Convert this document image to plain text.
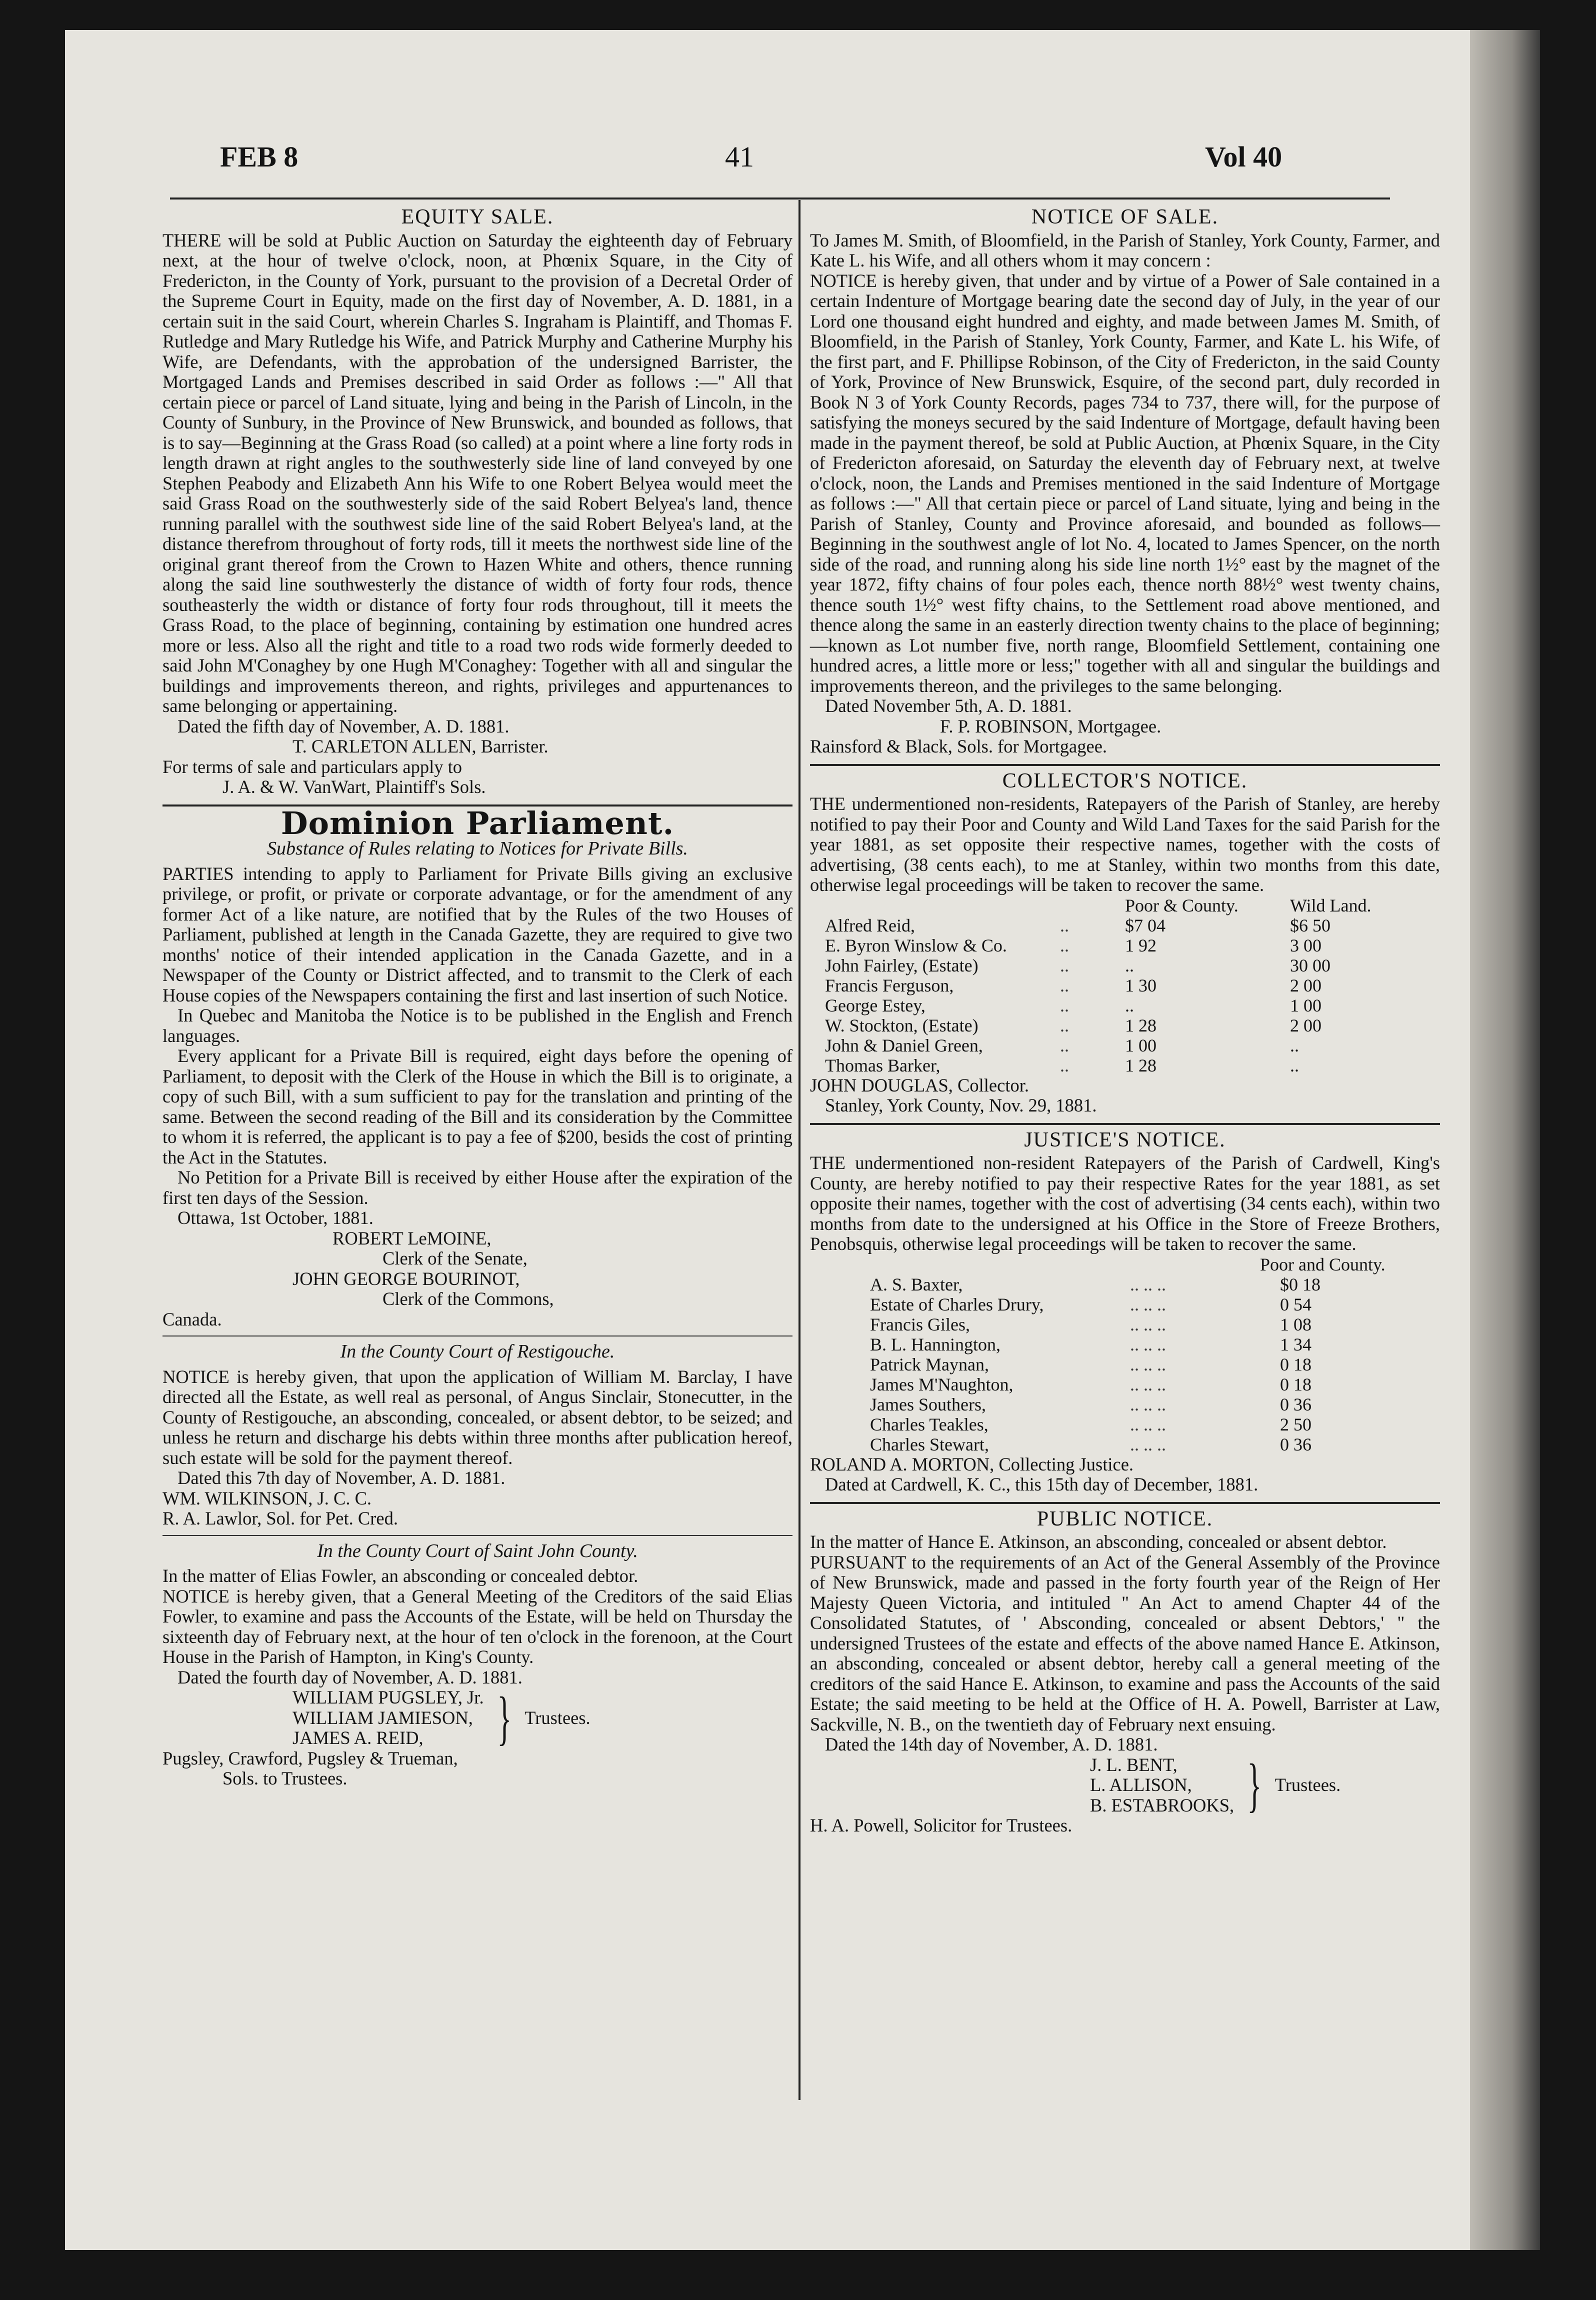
FEB 8	41	Vol 40
EQUITY SALE.

THERE will be sold at Public Auction on Saturday the eighteenth day of February next, at the hour of twelve o'clock, noon, at Phœnix Square, in the City of Fredericton, in the County of York, pursuant to the provision of a Decretal Order of the Supreme Court in Equity, made on the first day of November, A. D. 1881, in a certain suit in the said Court, wherein Charles S. Ingraham is Plaintiff, and Thomas F. Rutledge and Mary Rutledge his Wife, and Patrick Murphy and Catherine Murphy his Wife, are Defendants, with the approbation of the undersigned Barrister, the Mortgaged Lands and Premises described in said Order as follows :—" All that certain piece or parcel of Land situate, lying and being in the Parish of Lincoln, in the County of Sunbury, in the Province of New Brunswick, and bounded as follows, that is to say—Beginning at the Grass Road (so called) at a point where a line forty rods in length drawn at right angles to the southwesterly side line of land conveyed by one Stephen Peabody and Elizabeth Ann his Wife to one Robert Belyea would meet the said Grass Road on the southwesterly side of the said Robert Belyea's land, thence running parallel with the southwest side line of the said Robert Belyea's land, at the distance therefrom throughout of forty rods, till it meets the northwest side line of the original grant thereof from the Crown to Hazen White and others, thence running along the said line southwesterly the distance of width of forty four rods, thence southeasterly the width or distance of forty four rods throughout, till it meets the Grass Road, to the place of beginning, containing by estimation one hundred acres more or less. Also all the right and title to a road two rods wide formerly deeded to said John M'Conaghey by one Hugh M'Conaghey: Together with all and singular the buildings and improvements thereon, and rights, privileges and appurtenances to same belonging or appertaining.

Dated the fifth day of November, A. D. 1881.

T. CARLETON ALLEN, Barrister.

For terms of sale and particulars apply to

J. A. & W. VanWart, Plaintiff's Sols.

Dominion Parliament.
Substance of Rules relating to Notices for Private Bills.

PARTIES intending to apply to Parliament for Private Bills giving an exclusive privilege, or profit, or private or corporate advantage, or for the amendment of any former Act of a like nature, are notified that by the Rules of the two Houses of Parliament, published at length in the Canada Gazette, they are required to give two months' notice of their intended application in the Canada Gazette, and in a Newspaper of the County or District affected, and to transmit to the Clerk of each House copies of the Newspapers containing the first and last insertion of such Notice.

In Quebec and Manitoba the Notice is to be published in the English and French languages.

Every applicant for a Private Bill is required, eight days before the opening of Parliament, to deposit with the Clerk of the House in which the Bill is to originate, a copy of such Bill, with a sum sufficient to pay for the translation and printing of the same. Between the second reading of the Bill and its consideration by the Committee to whom it is referred, the applicant is to pay a fee of $200, besids the cost of printing the Act in the Statutes.

No Petition for a Private Bill is received by either House after the expiration of the first ten days of the Session.

Ottawa, 1st October, 1881.

ROBERT LeMOINE,

Clerk of the Senate,

JOHN GEORGE BOURINOT,

Clerk of the Commons,

Canada.

In the County Court of Restigouche.

NOTICE is hereby given, that upon the application of William M. Barclay, I have directed all the Estate, as well real as personal, of Angus Sinclair, Stonecutter, in the County of Restigouche, an absconding, concealed, or absent debtor, to be seized; and unless he return and discharge his debts within three months after publication hereof, such estate will be sold for the payment thereof.

Dated this 7th day of November, A. D. 1881.

WM. WILKINSON, J. C. C.

R. A. Lawlor, Sol. for Pet. Cred.

In the County Court of Saint John County.

In the matter of Elias Fowler, an absconding or concealed debtor.

NOTICE is hereby given, that a General Meeting of the Creditors of the said Elias Fowler, to examine and pass the Accounts of the Estate, will be held on Thursday the sixteenth day of February next, at the hour of ten o'clock in the forenoon, at the Court House in the Parish of Hampton, in King's County.

Dated the fourth day of November, A. D. 1881.

WILLIAM PUGSLEY, Jr.
WILLIAM JAMIESON,
JAMES A. REID,	} Trustees.

Pugsley, Crawford, Pugsley & Trueman,

Sols. to Trustees.

NOTICE OF SALE.

To James M. Smith, of Bloomfield, in the Parish of Stanley, York County, Farmer, and Kate L. his Wife, and all others whom it may concern :

NOTICE is hereby given, that under and by virtue of a Power of Sale contained in a certain Indenture of Mortgage bearing date the second day of July, in the year of our Lord one thousand eight hundred and eighty, and made between James M. Smith, of Bloomfield, in the Parish of Stanley, York County, Farmer, and Kate L. his Wife, of the first part, and F. Phillipse Robinson, of the City of Fredericton, in the said County of York, Province of New Brunswick, Esquire, of the second part, duly recorded in Book N 3 of York County Records, pages 734 to 737, there will, for the purpose of satisfying the moneys secured by the said Indenture of Mortgage, default having been made in the payment thereof, be sold at Public Auction, at Phœnix Square, in the City of Fredericton aforesaid, on Saturday the eleventh day of February next, at twelve o'clock, noon, the Lands and Premises mentioned in the said Indenture of Mortgage as follows :—" All that certain piece or parcel of Land situate, lying and being in the Parish of Stanley, County and Province aforesaid, and bounded as follows—Beginning in the southwest angle of lot No. 4, located to James Spencer, on the north side of the road, and running along his side line north 1½° east by the magnet of the year 1872, fifty chains of four poles each, thence north 88½° west twenty chains, thence south 1½° west fifty chains, to the Settlement road above mentioned, and thence along the same in an easterly direction twenty chains to the place of beginning;—known as Lot number five, north range, Bloomfield Settlement, containing one hundred acres, a little more or less;" together with all and singular the buildings and improvements thereon, and the privileges to the same belonging.

Dated November 5th, A. D. 1881.

F. P. ROBINSON, Mortgagee.

Rainsford & Black, Sols. for Mortgagee.

COLLECTOR'S NOTICE.

THE undermentioned non-residents, Ratepayers of the Parish of Stanley, are hereby notified to pay their Poor and County and Wild Land Taxes for the said Parish for the year 1881, as set opposite their respective names, together with the costs of advertising, (38 cents each), to me at Stanley, within two months from this date, otherwise legal proceedings will be taken to recover the same.

		Poor & County.	Wild Land.
Alfred Reid,	..	$7 04	$6 50
E. Byron Winslow & Co.	..	1 92	3 00
John Fairley, (Estate)	..	..	30 00
Francis Ferguson,	..	1 30	2 00
George Estey,	..	..	1 00
W. Stockton, (Estate)	..	1 28	2 00
John & Daniel Green,	..	1 00	..
Thomas Barker,	..	1 28	..

JOHN DOUGLAS, Collector.

Stanley, York County, Nov. 29, 1881.

JUSTICE'S NOTICE.

THE undermentioned non-resident Ratepayers of the Parish of Cardwell, King's County, are hereby notified to pay their respective Rates for the year 1881, as set opposite their names, together with the cost of advertising (34 cents each), within two months from date to the undersigned at his Office in the Store of Freeze Brothers, Penobsquis, otherwise legal proceedings will be taken to recover the same.

	Poor and County.
A. S. Baxter,	.. .. ..	$0 18
Estate of Charles Drury,	.. .. ..	0 54
Francis Giles,	.. .. ..	1 08
B. L. Hannington,	.. .. ..	1 34
Patrick Maynan,	.. .. ..	0 18
James M'Naughton,	.. .. ..	0 18
James Southers,	.. .. ..	0 36
Charles Teakles,	.. .. ..	2 50
Charles Stewart,	.. .. ..	0 36

ROLAND A. MORTON, Collecting Justice.

Dated at Cardwell, K. C., this 15th day of December, 1881.

PUBLIC NOTICE.

In the matter of Hance E. Atkinson, an absconding, concealed or absent debtor.

PURSUANT to the requirements of an Act of the General Assembly of the Province of New Brunswick, made and passed in the forty fourth year of the Reign of Her Majesty Queen Victoria, and intituled " An Act to amend Chapter 44 of the Consolidated Statutes, of ' Absconding, concealed or absent Debtors,' " the undersigned Trustees of the estate and effects of the above named Hance E. Atkinson, an absconding, concealed or absent debtor, hereby call a general meeting of the creditors of the said Hance E. Atkinson, to examine and pass the Accounts of the said Estate; the said meeting to be held at the Office of H. A. Powell, Barrister at Law, Sackville, N. B., on the twentieth day of February next ensuing.

Dated the 14th day of November, A. D. 1881.

J. L. BENT,
L. ALLISON,
B. ESTABROOKS, } Trustees.

H. A. Powell, Solicitor for Trustees.
